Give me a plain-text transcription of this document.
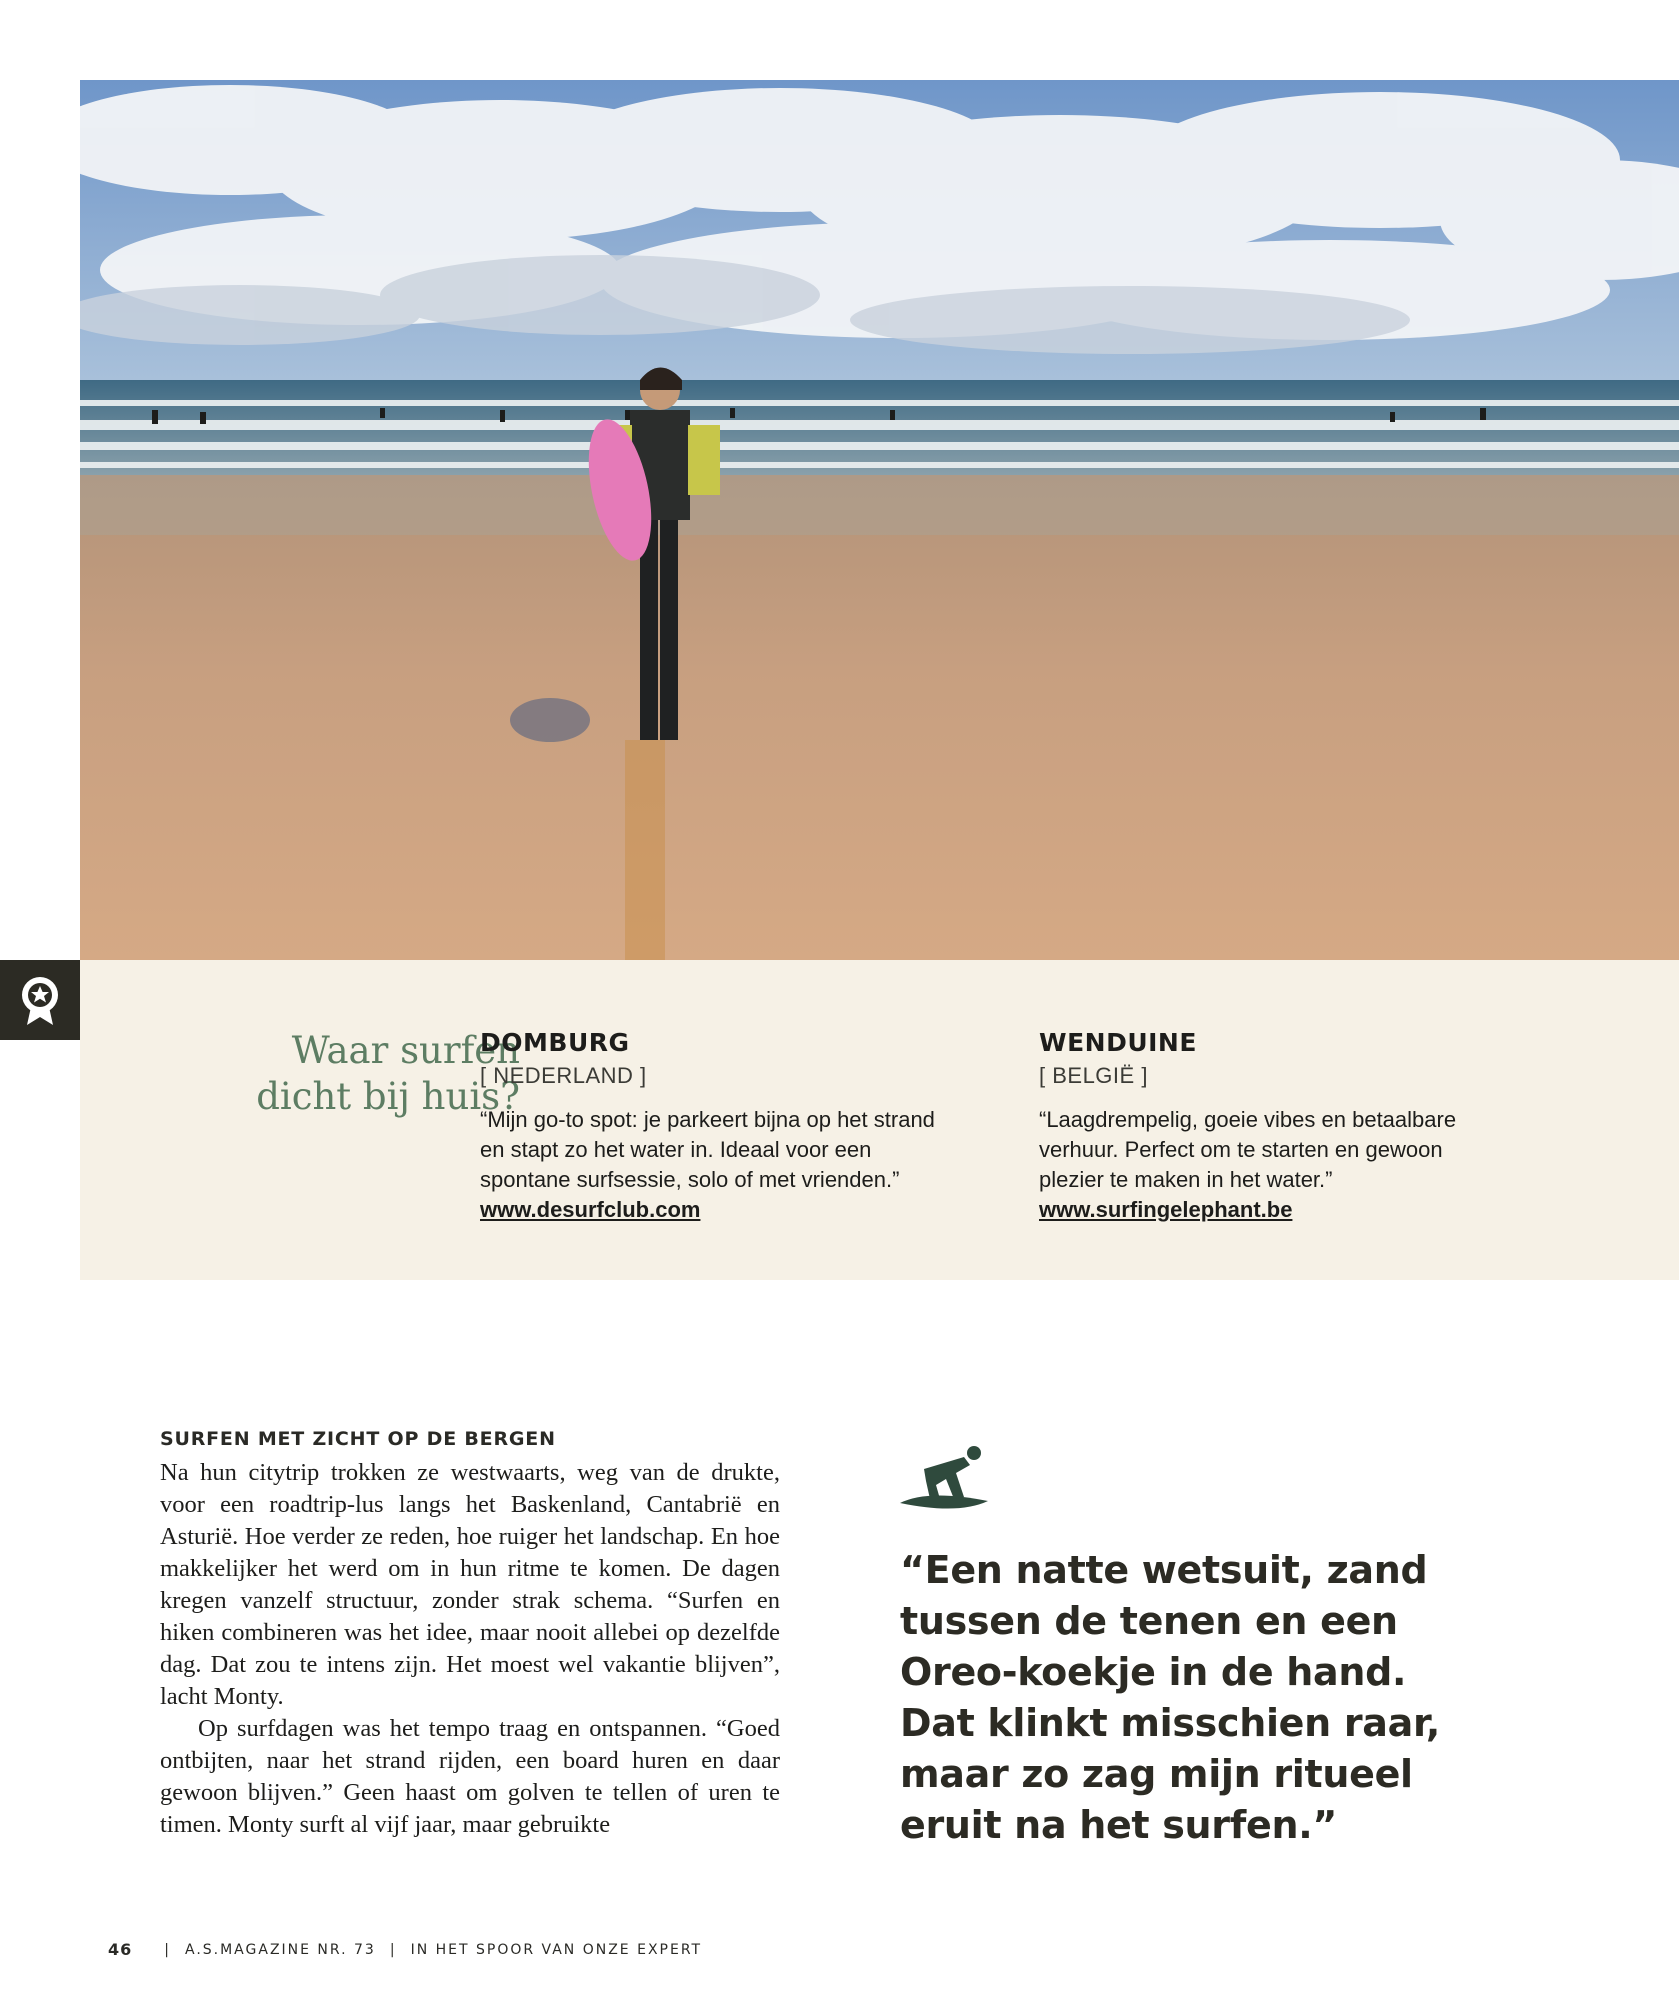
Waar surfen
dicht bij huis?
DOMBURG
[ NEDERLAND ]
“Mijn go-to spot: je parkeert bijna op het strand en stapt zo het water in. Ideaal voor een spontane surfsessie, solo of met vrienden.”
www.desurfclub.com
WENDUINE
[ BELGIË ]
“Laagdrempelig, goeie vibes en betaalbare verhuur. Perfect om te starten en gewoon plezier te maken in het water.”
www.surfingelephant.be
SURFEN MET ZICHT OP DE BERGEN

Na hun citytrip trokken ze westwaarts, weg van de drukte, voor een roadtrip-lus langs het Baskenland, Cantabrië en Asturië. Hoe verder ze reden, hoe ruiger het landschap. En hoe makkelijker het werd om in hun ritme te komen. De dagen kregen vanzelf structuur, zonder strak schema. “Surfen en hiken combineren was het idee, maar nooit allebei op dezelfde dag. Dat zou te intens zijn. Het moest wel vakantie blijven”, lacht Monty.

Op surfdagen was het tempo traag en ontspannen. “Goed ontbijten, naar het strand rijden, een board huren en daar gewoon blijven.” Geen haast om golven te tellen of uren te timen. Monty surft al vijf jaar, maar gebruikte

“Een natte wetsuit, zand tussen de tenen en een Oreo-koekje in de hand. Dat klinkt misschien raar, maar zo zag mijn ritueel eruit na het surfen.”
46 | A.S.MAGAZINE NR. 73 | IN HET SPOOR VAN ONZE EXPERT
